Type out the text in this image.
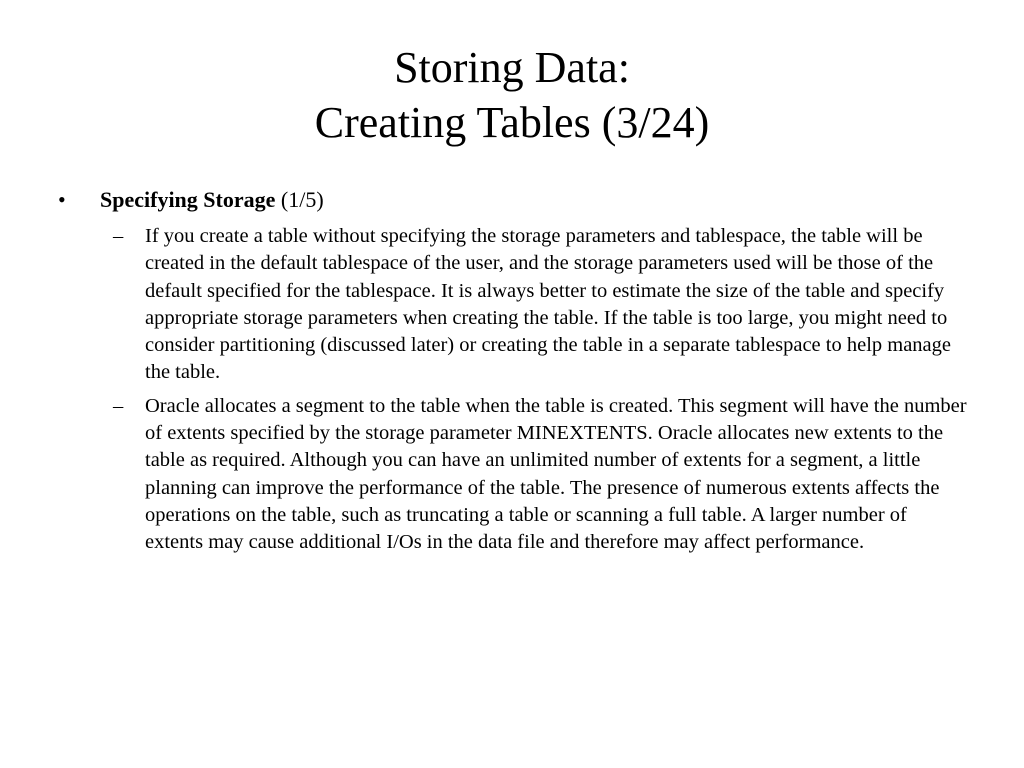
Storing Data:
Creating Tables (3/24)
• Specifying Storage (1/5)
– If you create a table without specifying the storage parameters and tablespace, the table will be created in the default tablespace of the user, and the storage parameters used will be those of the default specified for the tablespace. It is always better to estimate the size of the table and specify appropriate storage parameters when creating the table. If the table is too large, you might need to consider partitioning (discussed later) or creating the table in a separate tablespace to help manage the table.
– Oracle allocates a segment to the table when the table is created. This segment will have the number of extents specified by the storage parameter MINEXTENTS. Oracle allocates new extents to the table as required. Although you can have an unlimited number of extents for a segment, a little planning can improve the performance of the table. The presence of numerous extents affects the operations on the table, such as truncating a table or scanning a full table. A larger number of extents may cause additional I/Os in the data file and therefore may affect performance.
